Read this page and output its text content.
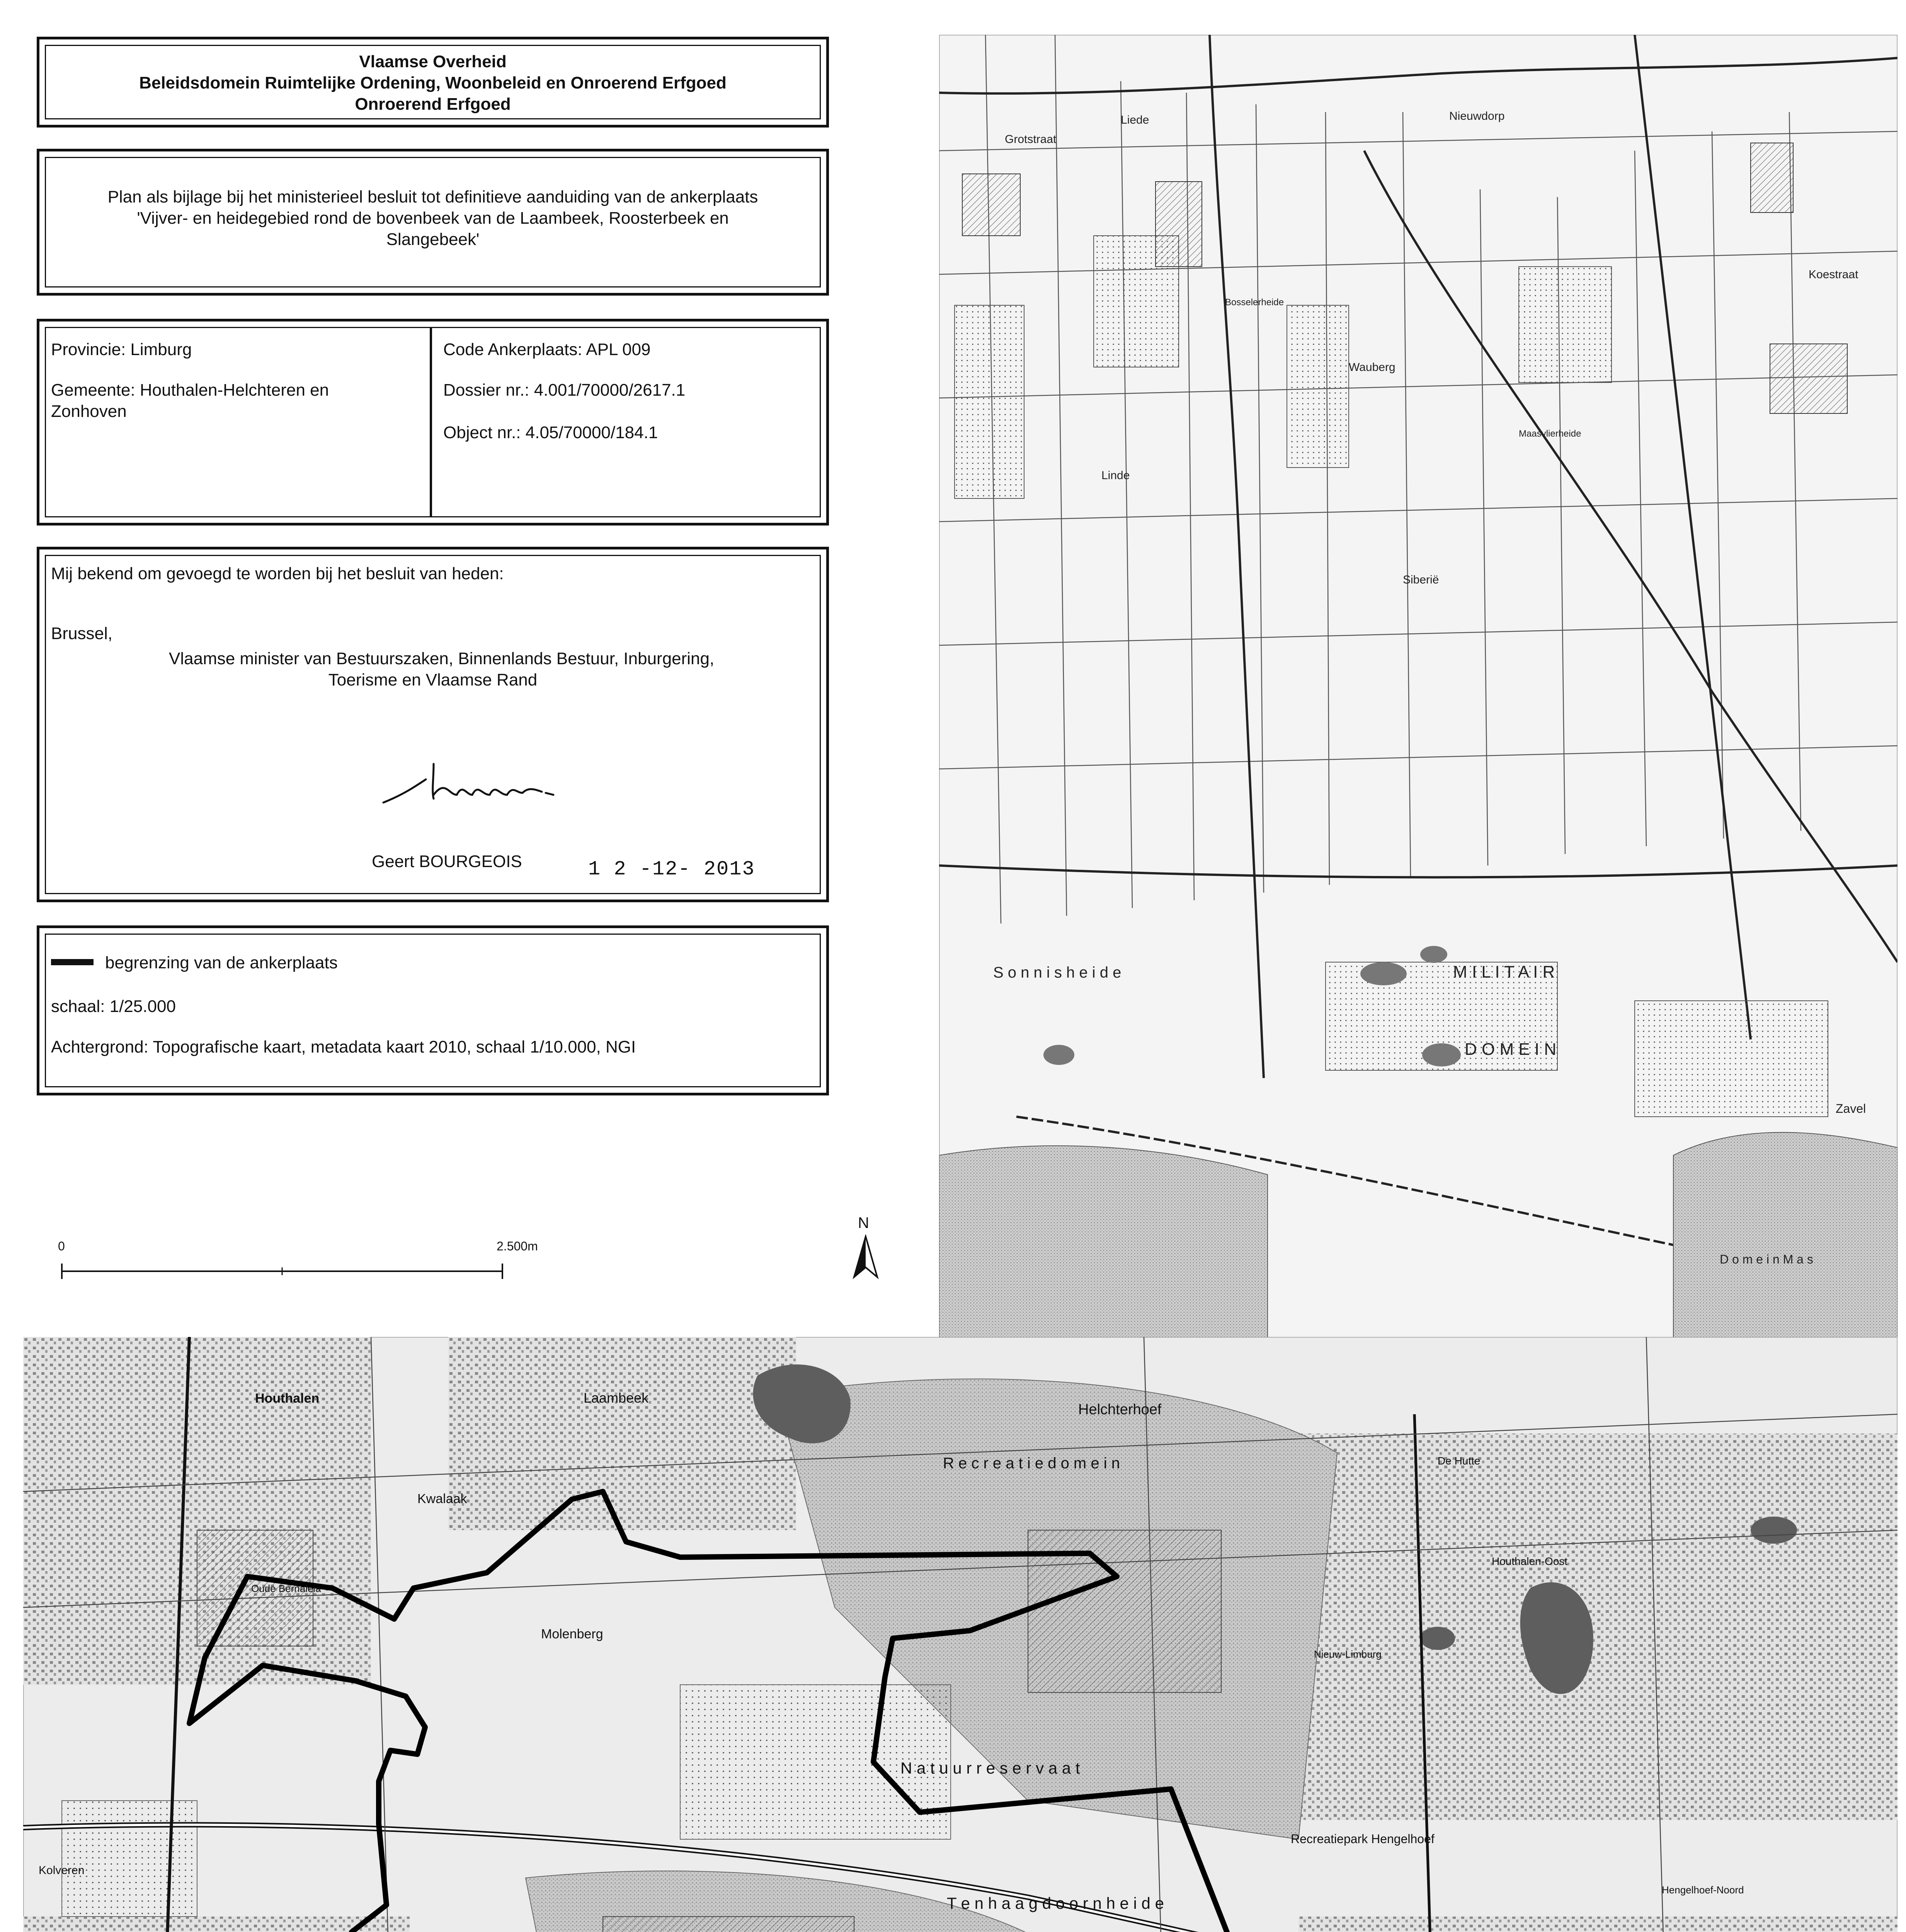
Vlaamse Overheid
Beleidsdomein Ruimtelijke Ordening, Woonbeleid en Onroerend Erfgoed
Onroerend Erfgoed
Plan als bijlage bij het ministerieel besluit tot definitieve aanduiding van de ankerplaats
'Vijver- en heidegebied rond de bovenbeek van de Laambeek, Roosterbeek en
Slangebeek'
Provincie: Limburg
Gemeente: Houthalen-Helchteren en
Zonhoven
Code Ankerplaats: APL 009
Dossier nr.: 4.001/70000/2617.1
Object nr.: 4.05/70000/184.1
Mij bekend om gevoegd te worden bij het besluit van heden:
Brussel,
Vlaamse minister van Bestuurszaken, Binnenlands Bestuur, Inburgering,
Toerisme en Vlaamse Rand
Geert BOURGEOIS	1 2 -12- 2013
begrenzing van de ankerplaats
schaal: 1/25.000
Achtergrond: Topografische kaart, metadata kaart 2010, schaal 1/10.000, NGI
0	2.500m
N
Nieuwdorp
Liede
Grotstraat
Wauberg
Koestraat
Linde
Siberië
S o n n i s h e i d e	M I L I T A I R
D O M E I N
Zavel
D o m e i n M a s
Bosselerheide
Maasvlierheide
Houthalen	Laambeek
Kwalaak
Helchterhoef
R e c r e a t i e d o m e i n
Molenberg
Oude Bernaleia
Houthalen-Oost
N a t u u r r e s e r v a a t
Recreatiepark Hengelhoef
T e n h a a g d o o r n h e i d e
Kolveren
De Hutte
Nieuw-Limburg
Hengelhoef-Noord
